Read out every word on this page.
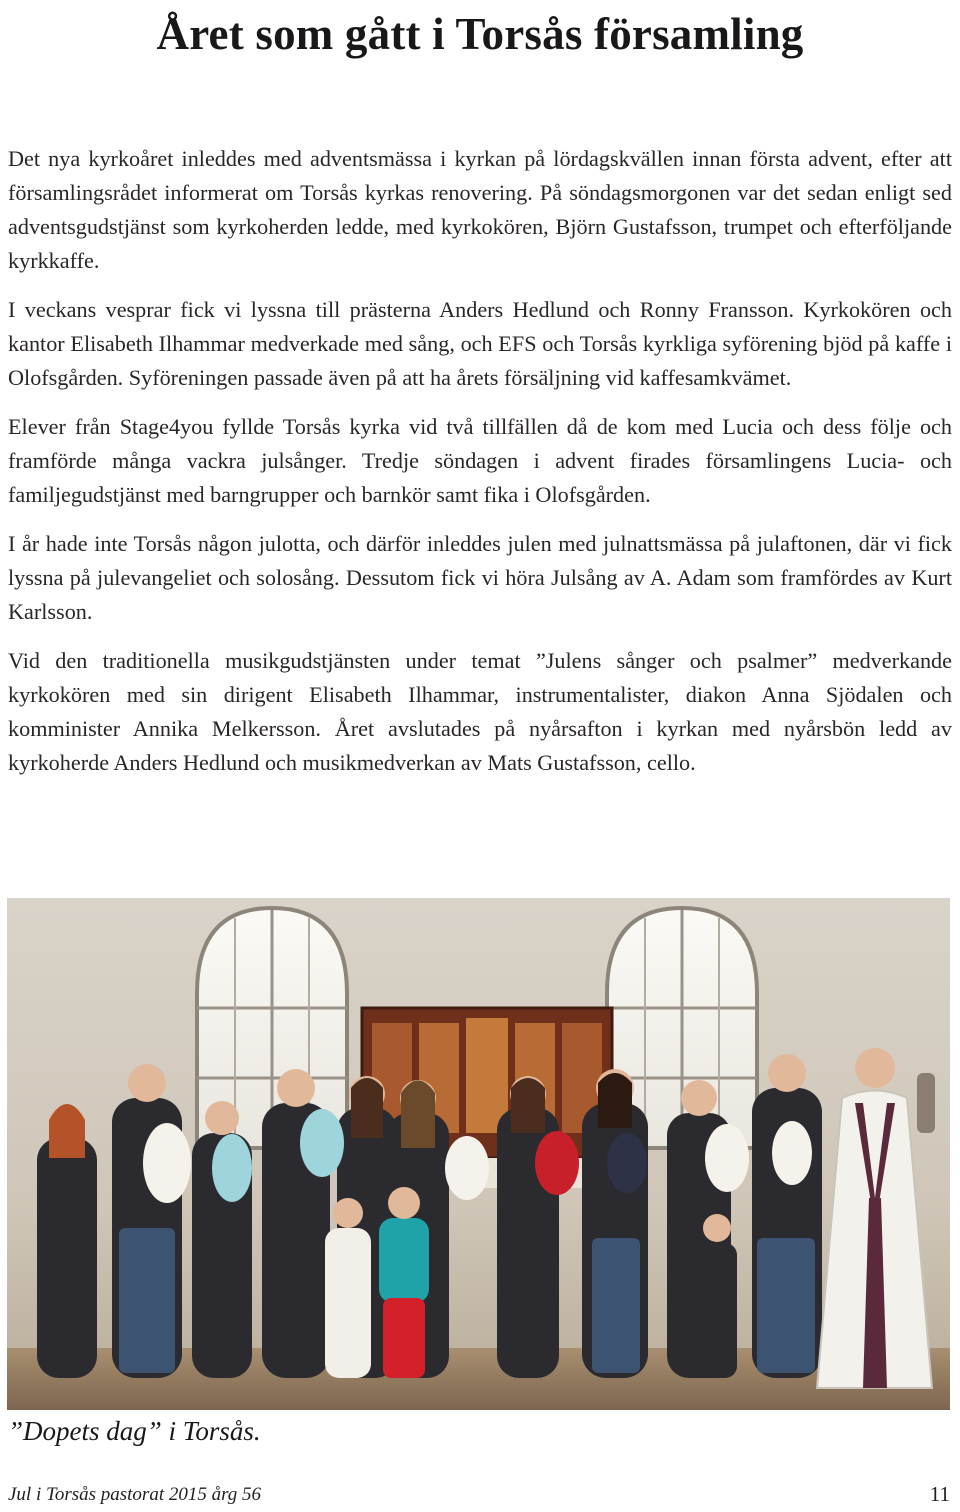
Året som gått i Torsås församling

Det nya kyrkoåret inleddes med adventsmässa i kyrkan på lördagskvällen innan första advent, efter att församlingsrådet informerat om Torsås kyrkas renovering. På söndagsmorgonen var det sedan enligt sed adventsgudstjänst som kyrkoherden ledde, med kyrkokören, Björn Gustafsson, trumpet och efterföljande kyrkkaffe.

I veckans vesprar fick vi lyssna till prästerna Anders Hedlund och Ronny Fransson. Kyrkokören och kantor Elisabeth Ilhammar medverkade med sång, och EFS och Torsås kyrkliga syförening bjöd på kaffe i Olofsgården. Syföreningen passade även på att ha årets försäljning vid kaffesamkvämet.

Elever från Stage4you fyllde Torsås kyrka vid två tillfällen då de kom med Lucia och dess följe och framförde många vackra julsånger. Tredje söndagen i advent firades församlingens Lucia- och familjegudstjänst med barngrupper och barnkör samt fika i Olofsgården.

I år hade inte Torsås någon julotta, och därför inleddes julen med julnattsmässa på julaftonen, där vi fick lyssna på julevangeliet och solosång. Dessutom fick vi höra Julsång av A. Adam som framfördes av Kurt Karlsson.

Vid den traditionella musikgudstjänsten under temat ”Julens sånger och psalmer” medverkande kyrkokören med sin dirigent Elisabeth Ilhammar, instrumentalister, diakon Anna Sjödalen och komminister Annika Melkersson. Året avslutades på nyårsafton i kyrkan med nyårsbön ledd av kyrkoherde Anders Hedlund och musikmedverkan av Mats Gustafsson, cello.

”Dopets dag” i Torsås.
Jul i Torsås pastorat 2015 årg 56	11
